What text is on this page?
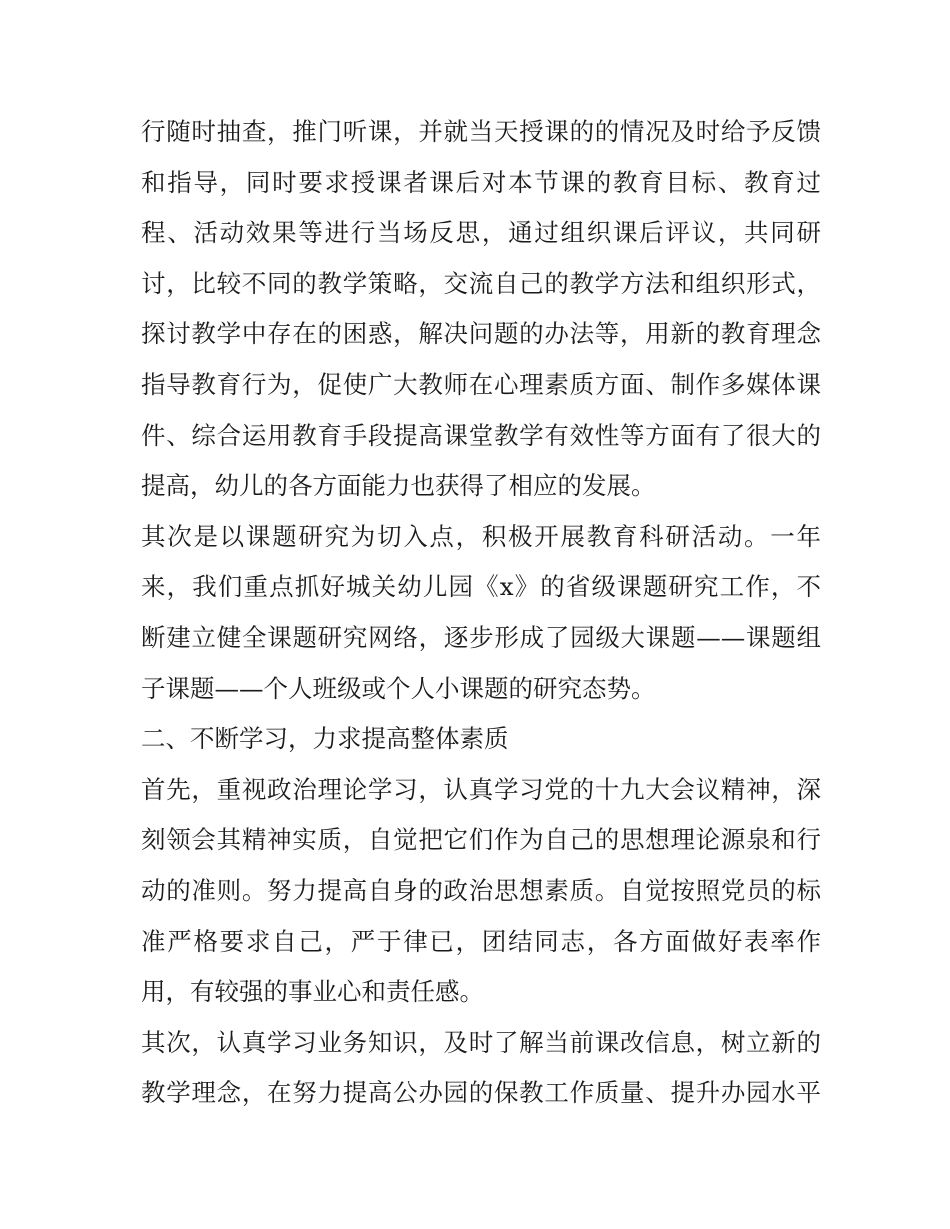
行随时抽查，推门听课，并就当天授课的的情况及时给予反馈
和指导，同时要求授课者课后对本节课的教育目标、教育过
程、活动效果等进行当场反思，通过组织课后评议，共同研
讨，比较不同的教学策略，交流自己的教学方法和组织形式，
探讨教学中存在的困惑，解决问题的办法等，用新的教育理念
指导教育行为，促使广大教师在心理素质方面、制作多媒体课
件、综合运用教育手段提高课堂教学有效性等方面有了很大的
提高，幼儿的各方面能力也获得了相应的发展。
其次是以课题研究为切入点，积极开展教育科研活动。一年
来，我们重点抓好城关幼儿园《x》的省级课题研究工作，不
断建立健全课题研究网络，逐步形成了园级大课题——课题组
子课题——个人班级或个人小课题的研究态势。
二、不断学习，力求提高整体素质
首先，重视政治理论学习，认真学习党的十九大会议精神，深
刻领会其精神实质，自觉把它们作为自己的思想理论源泉和行
动的准则。努力提高自身的政治思想素质。自觉按照党员的标
准严格要求自己，严于律已，团结同志，各方面做好表率作
用，有较强的事业心和责任感。
其次，认真学习业务知识，及时了解当前课改信息，树立新的
教学理念，在努力提高公办园的保教工作质量、提升办园水平
